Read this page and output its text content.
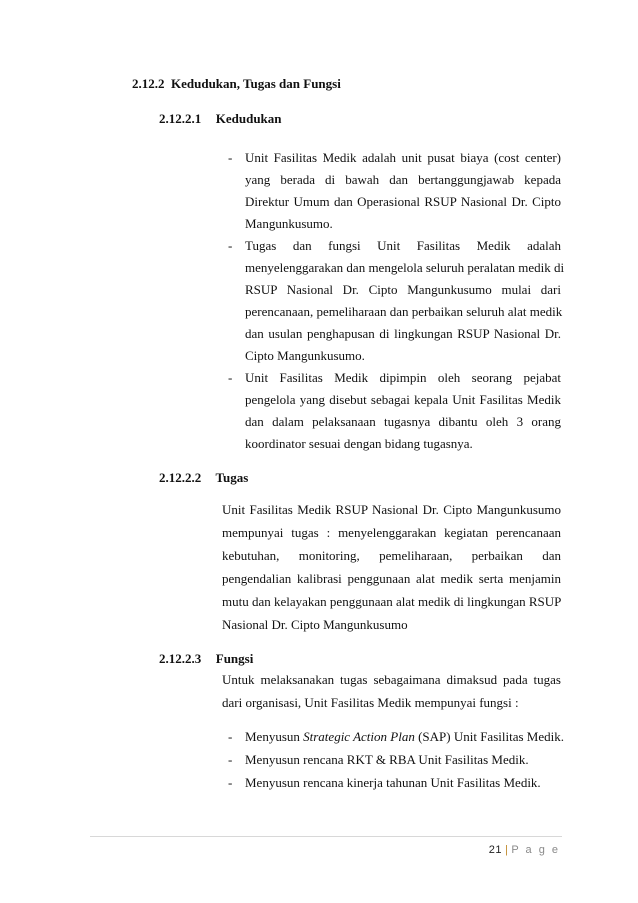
2.12.2 Kedudukan, Tugas dan Fungsi
2.12.2.1 Kedudukan
- Unit Fasilitas Medik adalah unit pusat biaya (cost center)
yang berada di bawah dan bertanggungjawab kepada
Direktur Umum dan Operasional RSUP Nasional Dr. Cipto
Mangunkusumo.
- Tugas dan fungsi Unit Fasilitas Medik adalah
menyelenggarakan dan mengelola seluruh peralatan medik di
RSUP Nasional Dr. Cipto Mangunkusumo mulai dari
perencanaan, pemeliharaan dan perbaikan seluruh alat medik
dan usulan penghapusan di lingkungan RSUP Nasional Dr.
Cipto Mangunkusumo.
- Unit Fasilitas Medik dipimpin oleh seorang pejabat
pengelola yang disebut sebagai kepala Unit Fasilitas Medik
dan dalam pelaksanaan tugasnya dibantu oleh 3 orang
koordinator sesuai dengan bidang tugasnya.
2.12.2.2 Tugas
Unit Fasilitas Medik RSUP Nasional Dr. Cipto Mangunkusumo
mempunyai tugas : menyelenggarakan kegiatan perencanaan
kebutuhan, monitoring, pemeliharaan, perbaikan dan
pengendalian kalibrasi penggunaan alat medik serta menjamin
mutu dan kelayakan penggunaan alat medik di lingkungan RSUP
Nasional Dr. Cipto Mangunkusumo
2.12.2.3 Fungsi
Untuk melaksanakan tugas sebagaimana dimaksud pada tugas
dari organisasi, Unit Fasilitas Medik mempunyai fungsi :
- Menyusun Strategic Action Plan (SAP) Unit Fasilitas Medik.
- Menyusun rencana RKT & RBA Unit Fasilitas Medik.
- Menyusun rencana kinerja tahunan Unit Fasilitas Medik.
21 | P a g e
